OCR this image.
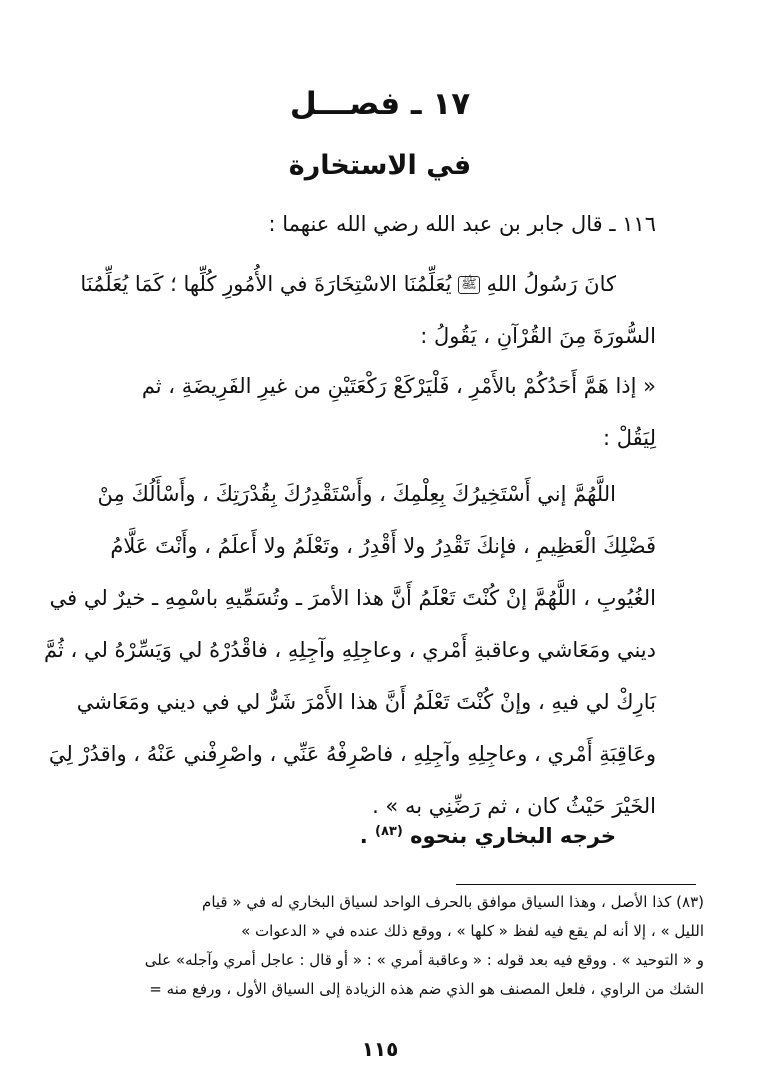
١٧ ـ فصـــل
في الاستخارة
١١٦ ـ قال جابر بن عبد الله رضي الله عنهما :
كانَ رَسُولُ اللهِ ﷺ يُعَلِّمُنَا الاسْتِخَارَةَ في الأُمُورِ كُلِّها ؛ كَمَا يُعَلِّمُنَا
السُّورَةَ مِنَ القُرْآنِ ، يَقُولُ :
« إذا هَمَّ أَحَدُكُمْ بالأَمْرِ ، فَلْيَرْكَعْ رَكْعَتَيْنِ من غيرِ الفَرِيضَةِ ، ثم
لِيَقُلْ :
اللَّهُمَّ إني أَسْتَخِيرُكَ بِعِلْمِكَ ، وأَسْتَقْدِرُكَ بِقُدْرَتِكَ ، وأَسْأَلُكَ مِنْ
فَضْلِكَ الْعَظِيمِ ، فإنكَ تَقْدِرُ ولا أَقْدِرُ ، وتَعْلَمُ ولا أَعلَمُ ، وأَنْتَ عَلَّامُ
الغُيُوبِ ، اللَّهُمَّ إنْ كُنْتَ تَعْلَمُ أَنَّ هذا الأمرَ ـ وتُسَمِّيهِ باسْمِهِ ـ خيرٌ لي في
ديني ومَعَاشي وعاقبةِ أَمْري ، وعاجِلِهِ وآجِلِهِ ، فاقْدُرْهُ لي وَيَسِّرْهُ لي ، ثُمَّ
بَارِكْ لي فيهِ ، وإنْ كُنْتَ تَعْلَمُ أَنَّ هذا الأَمْرَ شَرٌّ لي في ديني ومَعَاشي
وعَاقِبَةِ أَمْري ، وعاجِلِهِ وآجِلِهِ ، فاصْرِفْهُ عَنِّي ، واصْرِفْني عَنْهُ ، واقدُرْ لِيَ
الخَيْرَ حَيْثُ كان ، ثم رَضِّنِي به » .
خرجه البخاري بنحوه $^{(٨٣)}$ .
(٨٣) كذا الأصل ، وهذا السياق موافق بالحرف الواحد لسياق البخاري له في « قيام
الليل » ، إلا أنه لم يقع فيه لفظ « كلها » ، ووقع ذلك عنده في « الدعوات »
و « التوحيد » . ووقع فيه بعد قوله : « وعاقبة أمري » : « أو قال : عاجل أمري وآجله» على
الشك من الراوي ، فلعل المصنف هو الذي ضم هذه الزيادة إلى السياق الأول ، ورفع منه =
١١٥
